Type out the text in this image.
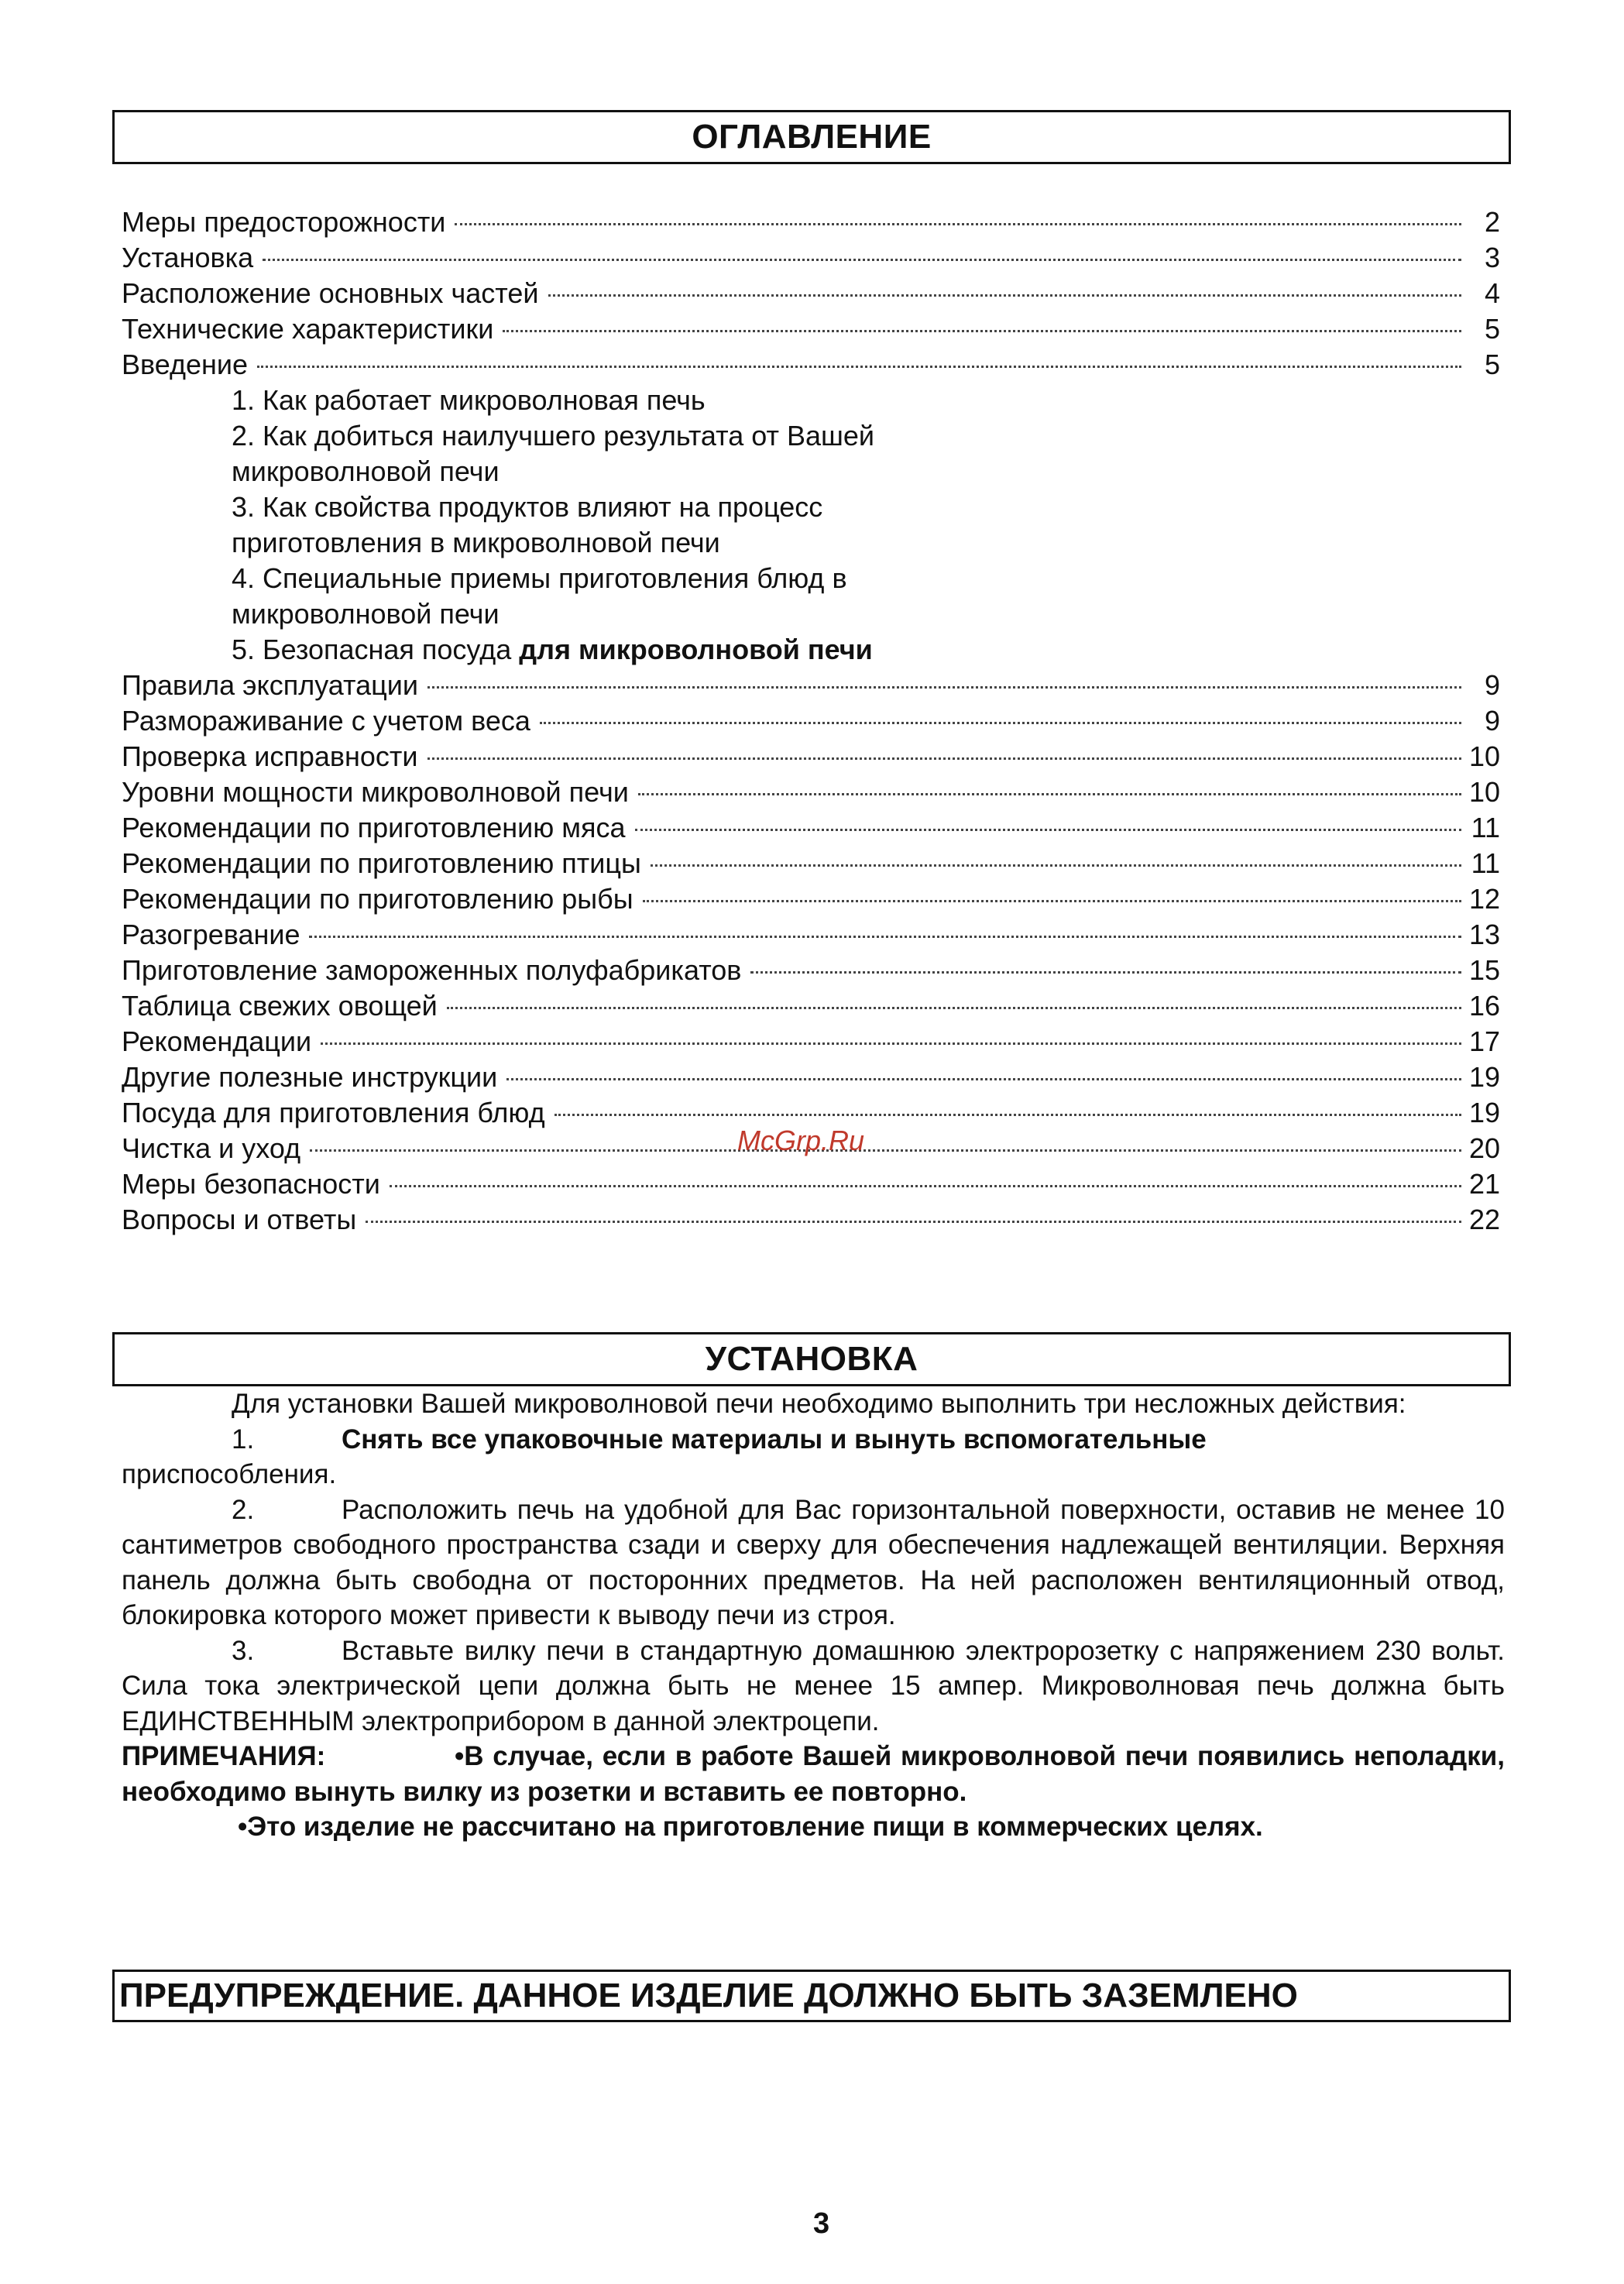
ОГЛАВЛЕНИЕ
Меры предосторожности	2
Установка	3
Расположение основных частей	4
Технические характеристики	5
Введение	5
1. Как работает микроволновая печь
2. Как добиться наилучшего результата от Вашей
микроволновой печи
3. Как свойства продуктов влияют на процесс
приготовления в микроволновой печи
4. Специальные приемы приготовления блюд в
микроволновой печи
5. Безопасная посуда для микроволновой печи
Правила эксплуатации	9
Размораживание с учетом веса	9
Проверка исправности	10
Уровни мощности микроволновой печи	10
Рекомендации по приготовлению мяса	11
Рекомендации по приготовлению птицы	11
Рекомендации по приготовлению рыбы	12
Разогревание	13
Приготовление замороженных полуфабрикатов	15
Таблица свежих овощей	16
Рекомендации	17
Другие полезные инструкции	19
Посуда для приготовления блюд	19
Чистка и уход	20
Меры безопасности	21
Вопросы и ответы	22
McGrp.Ru
УСТАНОВКА

Для установки Вашей микроволновой печи необходимо выполнить три несложных действия:

1.	Снять все упаковочные материалы и вынуть вспомогательные

приспособления.

2.	Расположить печь на удобной для Вас горизонтальной поверхности, оставив не менее 10 сантиметров свободного пространства сзади и сверху для обеспечения надлежащей вентиляции. Верхняя панель должна быть свободна от посторонних предметов. На ней расположен вентиляционный отвод, блокировка которого может привести к выводу печи из строя.

3.	Вставьте вилку печи в стандартную домашнюю электророзетку с напряжением 230 вольт. Сила тока электрической цепи должна быть не менее 15 ампер. Микроволновая печь должна быть ЕДИНСТВЕННЫМ электроприбором в данной электроцепи.

ПРИМЕЧАНИЯ:	•В случае, если в работе Вашей микроволновой печи появились неполадки, необходимо вынуть вилку из розетки и вставить ее повторно.

•Это изделие не рассчитано на приготовление пищи в коммерческих целях.

ПРЕДУПРЕЖДЕНИЕ. ДАННОЕ ИЗДЕЛИЕ ДОЛЖНО БЫТЬ ЗАЗЕМЛЕНО
3
